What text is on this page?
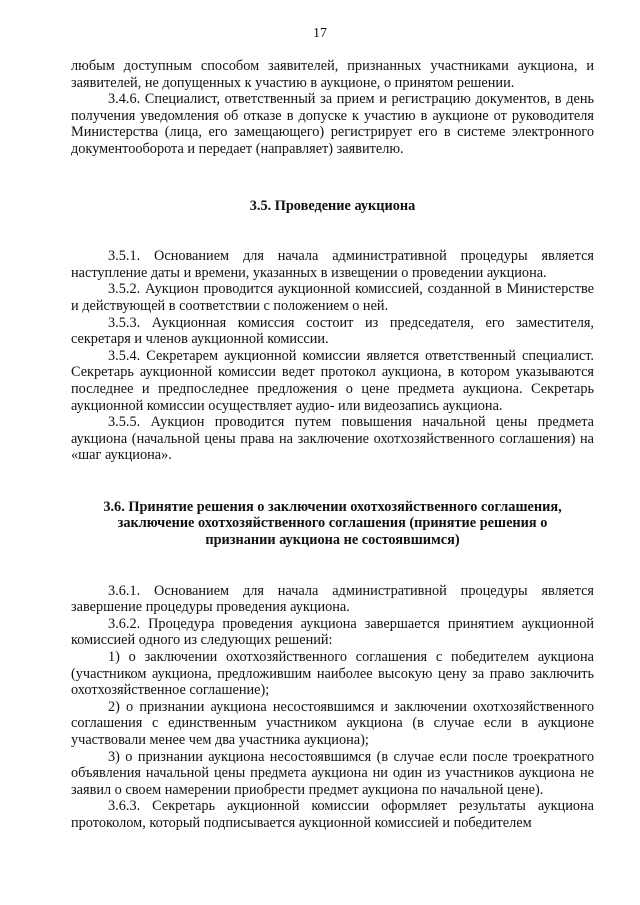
17

любым доступным способом заявителей, признанных участниками аукциона, и заявителей, не допущенных к участию в аукционе, о принятом решении.

3.4.6. Специалист, ответственный за прием и регистрацию документов, в день получения уведомления об отказе в допуске к участию в аукционе от руководителя Министерства (лица, его замещающего) регистрирует его в системе электронного документооборота и передает (направляет) заявителю.

3.5. Проведение аукциона

3.5.1. Основанием для начала административной процедуры является наступление даты и времени, указанных в извещении о проведении аукциона.

3.5.2. Аукцион проводится аукционной комиссией, созданной в Министерстве и действующей в соответствии с положением о ней.

3.5.3. Аукционная комиссия состоит из председателя, его заместителя, секретаря и членов аукционной комиссии.

3.5.4. Секретарем аукционной комиссии является ответственный специалист. Секретарь аукционной комиссии ведет протокол аукциона, в котором указываются последнее и предпоследнее предложения о цене предмета аукциона. Секретарь аукционной комиссии осуществляет аудио- или видеозапись аукциона.

3.5.5. Аукцион проводится путем повышения начальной цены предмета аукциона (начальной цены права на заключение охотхозяйственного соглашения) на «шаг аукциона».

3.6. Принятие решения о заключении охотхозяйственного соглашения,
заключение охотхозяйственного соглашения (принятие решения о
признании аукциона не состоявшимся)

3.6.1. Основанием для начала административной процедуры является завершение процедуры проведения аукциона.

3.6.2. Процедура проведения аукциона завершается принятием аукционной комиссией одного из следующих решений:

1) о заключении охотхозяйственного соглашения с победителем аукциона (участником аукциона, предложившим наиболее высокую цену за право заключить охотхозяйственное соглашение);

2) о признании аукциона несостоявшимся и заключении охотхозяйственного соглашения с единственным участником аукциона (в случае если в аукционе участвовали менее чем два участника аукциона);

3) о признании аукциона несостоявшимся (в случае если после троекратного объявления начальной цены предмета аукциона ни один из участников аукциона не заявил о своем намерении приобрести предмет аукциона по начальной цене).

3.6.3. Секретарь аукционной комиссии оформляет результаты аукциона протоколом, который подписывается аукционной комиссией и победителем
